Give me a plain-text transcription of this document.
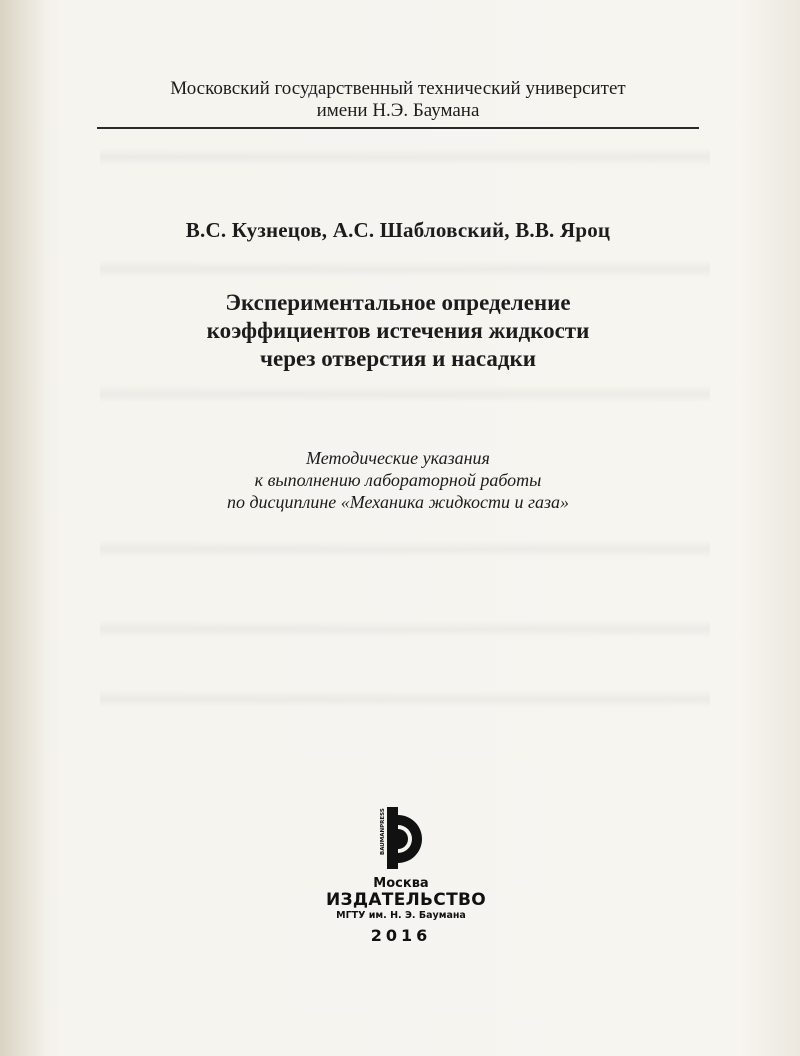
Московский государственный технический университет
имени Н.Э. Баумана
В.С. Кузнецов, А.С. Шабловский, В.В. Яроц
Экспериментальное определение
коэффициентов истечения жидкости
через отверстия и насадки
Методические указания
к выполнению лабораторной работы
по дисциплине «Механика жидкости и газа»
BAUMANPRESS
Москва
ИЗДАТЕЛЬСТВО
МГТУ им. Н. Э. Баумана
2016
